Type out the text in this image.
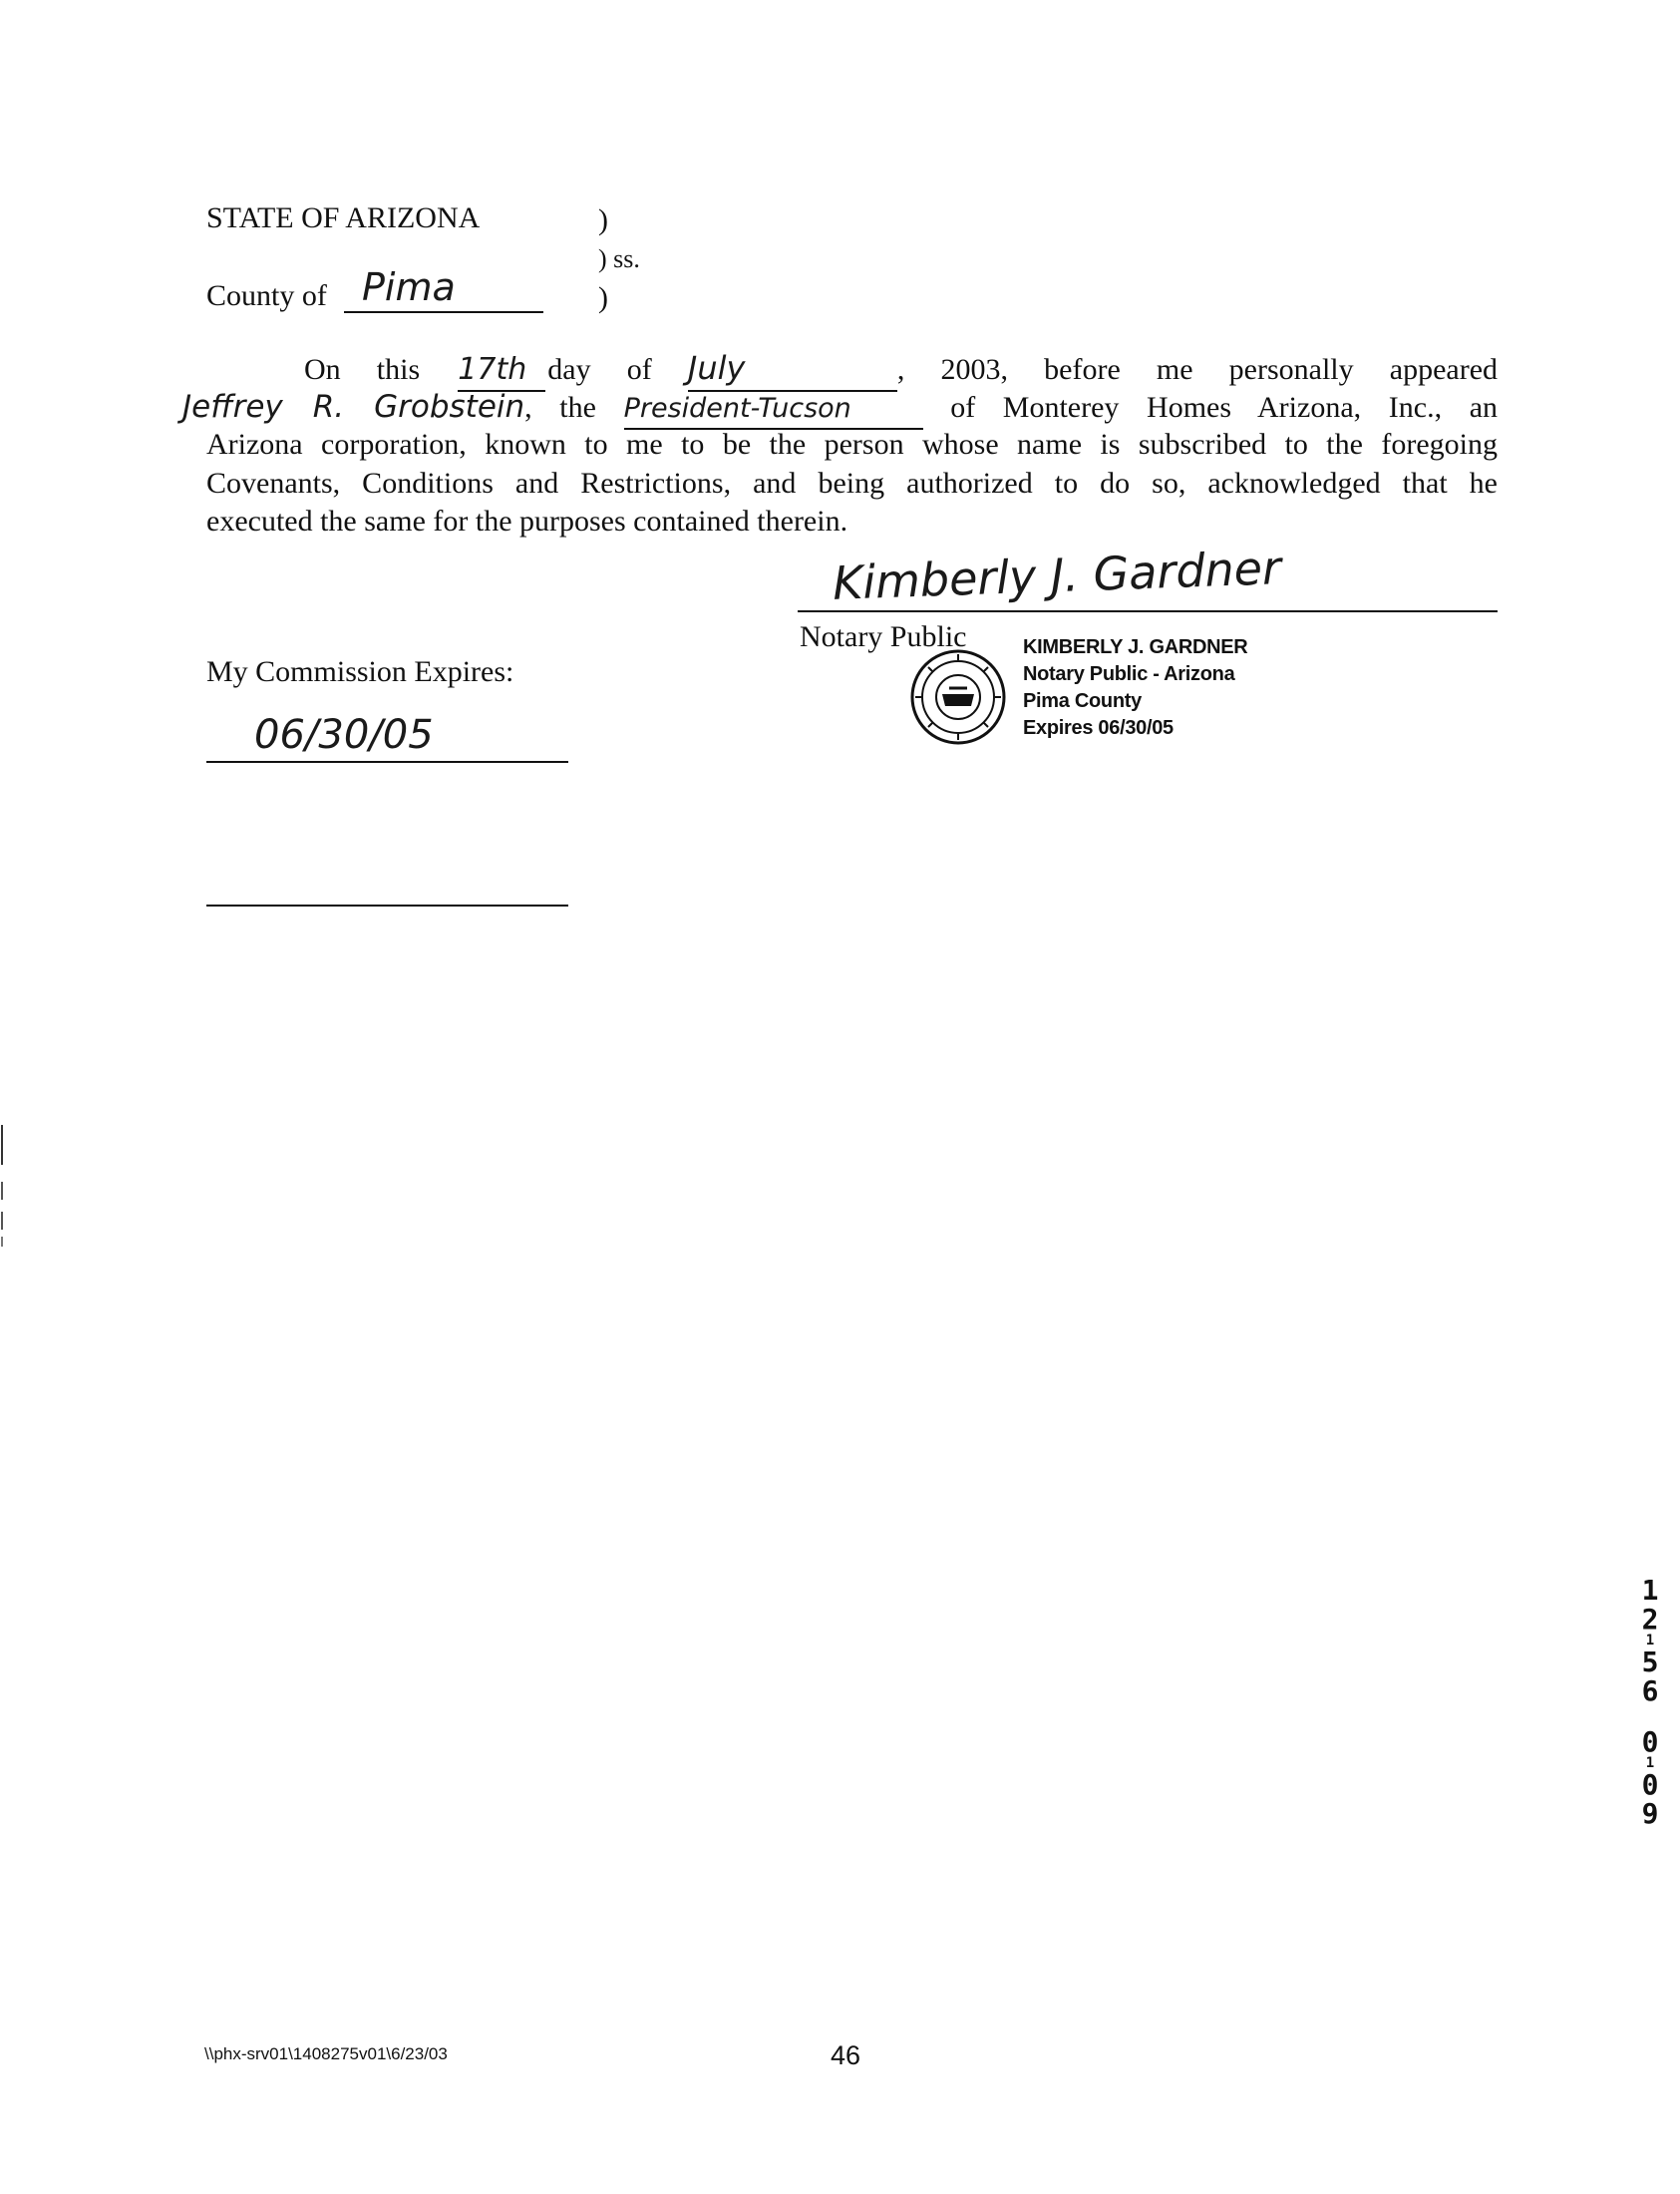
STATE OF ARIZONA	)
) ss.
)
County of Pima
On this 17th day of July	, 2003, before me personally appeared
Jeffrey R. Grobstein, the President-Tucson	of Monterey Homes Arizona, Inc., an
Arizona corporation, known to me to be the person whose name is subscribed to the foregoing
Covenants, Conditions and Restrictions, and being authorized to do so, acknowledged that he
executed the same for the purposes contained therein.
Kimberly J. Gardner
Notary Public	KIMBERLY J. GARDNER
Notary Public - Arizona
Pima County
Expires 06/30/05
My Commission Expires:
06/30/05
1
2
1
5
6
0
1
0
9
\\phx-srv01\1408275v01\6/23/03	46
